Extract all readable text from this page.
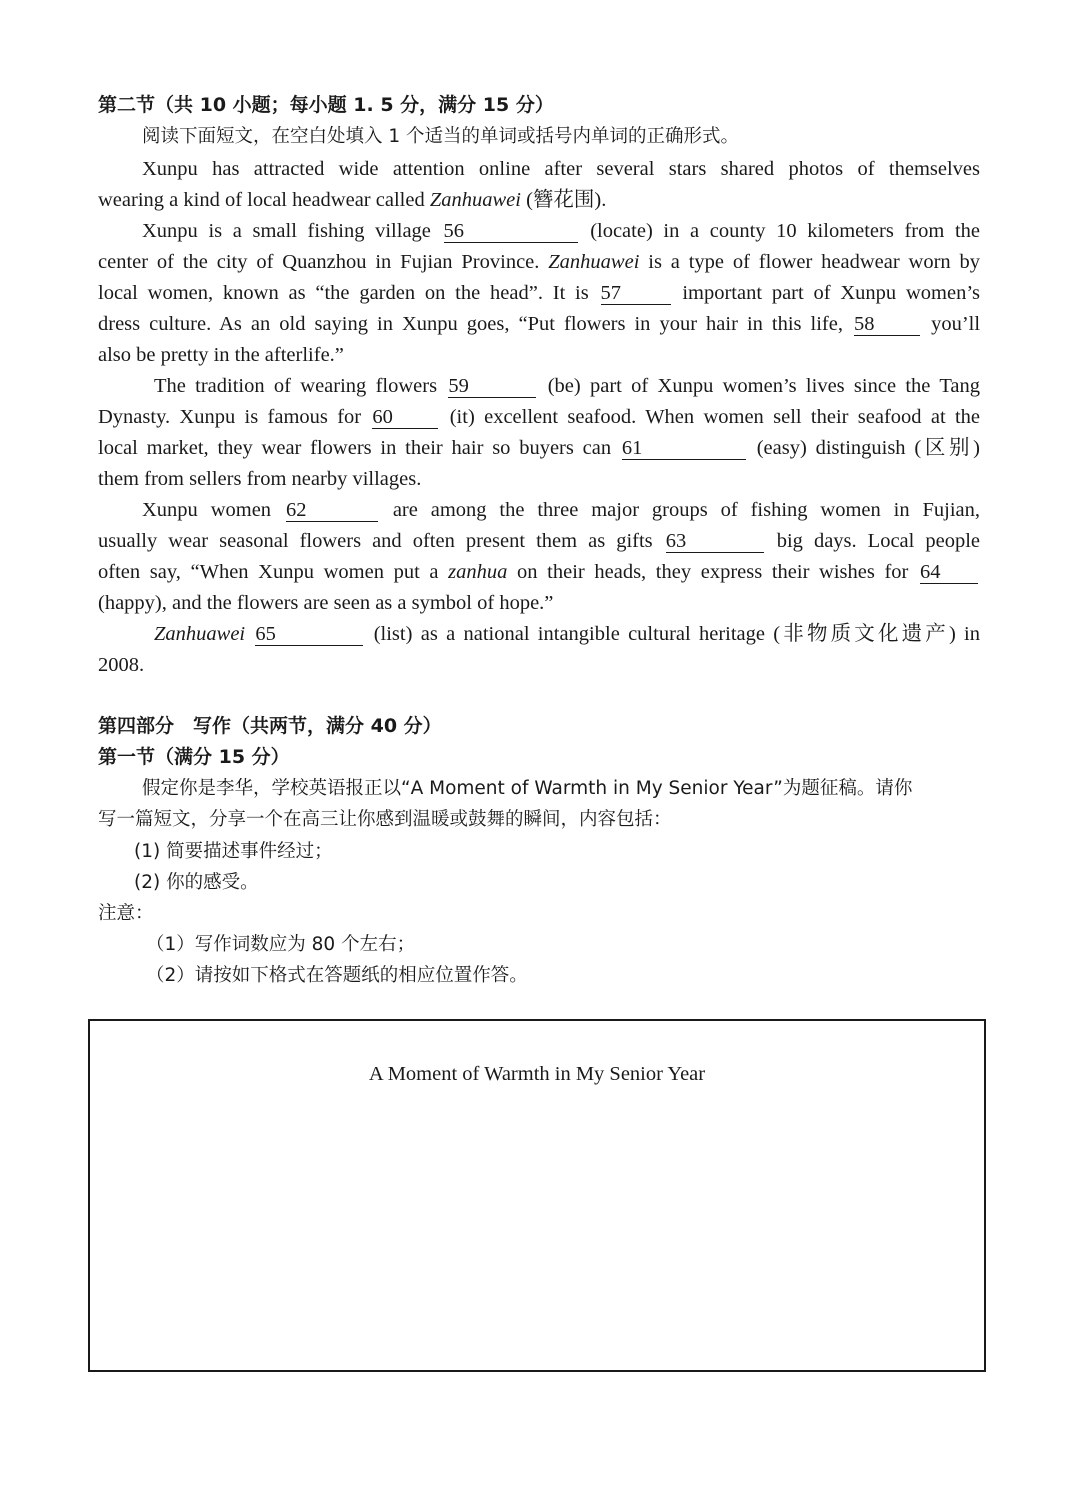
第二节（共 10 小题；每小题 1. 5 分，满分 15 分）
阅读下面短文，在空白处填入 1 个适当的单词或括号内单词的正确形式。
Xunpu has attracted wide attention online after several stars shared photos of themselves
wearing a kind of local headwear called Zanhuawei (簪花围).
Xunpu is a small fishing village 56	(locate) in a county 10 kilometers from the
center of the city of Quanzhou in Fujian Province. Zanhuawei is a type of flower headwear worn by
local women, known as “the garden on the head”. It is 57	important part of Xunpu women’s
dress culture. As an old saying in Xunpu goes, “Put flowers in your hair in this life, 58	you’ll
also be pretty in the afterlife.”
The tradition of wearing flowers 59	(be) part of Xunpu women’s lives since the Tang
Dynasty. Xunpu is famous for 60	(it) excellent seafood. When women sell their seafood at the
local market, they wear flowers in their hair so buyers can 61	(easy) distinguish (区别)
them from sellers from nearby villages.
Xunpu women 62	are among the three major groups of fishing women in Fujian,
usually wear seasonal flowers and often present them as gifts 63	big days. Local people
often say, “When Xunpu women put a zanhua on their heads, they express their wishes for 64
(happy), and the flowers are seen as a symbol of hope.”
Zanhuawei 65	(list) as a national intangible cultural heritage (非物质文化遗产) in
2008.
第四部分　写作（共两节，满分 40 分）
第一节（满分 15 分）
假定你是李华，学校英语报正以“A Moment of Warmth in My Senior Year”为题征稿。请你
写一篇短文，分享一个在高三让你感到温暖或鼓舞的瞬间，内容包括：
(1) 简要描述事件经过；
(2) 你的感受。
注意：
（1）写作词数应为 80 个左右；
（2）请按如下格式在答题纸的相应位置作答。
A Moment of Warmth in My Senior Year
